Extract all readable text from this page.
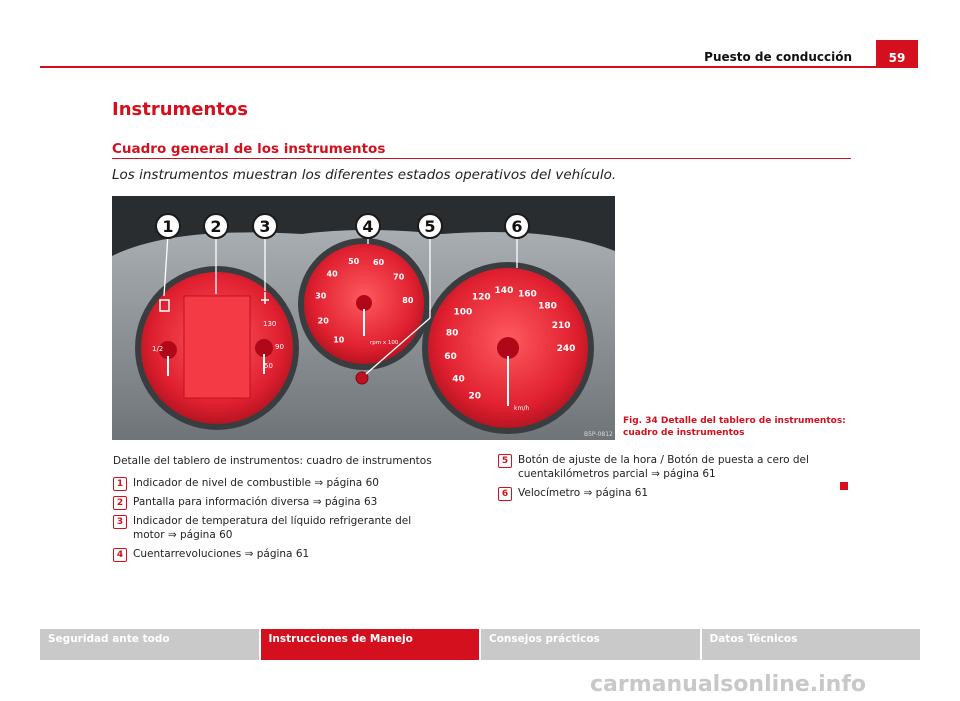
Puesto de conducción	59
Instrumentos
Cuadro general de los instrumentos
Los instrumentos muestran los diferentes estados operativos del vehículo.
1/2
130
90
50
10
20
30
40
50 60
70
80
rpm x 100
20
40
60
80
100
120
140 160
180
210
240
km/h
1 2 3	4	5	6
B5P-0812
Fig. 34 Detalle del tablero de instrumentos: cuadro de instrumentos
Detalle del tablero de instrumentos: cuadro de instrumentos
1 Indicador de nivel de combustible ⇒ página 60
2 Pantalla para información diversa ⇒ página 63
3 Indicador de temperatura del líquido refrigerante del motor ⇒ página 60
4 Cuentarrevoluciones ⇒ página 61
5 Botón de ajuste de la hora / Botón de puesta a cero del cuentakilómetros parcial ⇒ página 61
6 Velocímetro ⇒ página 61
Seguridad ante todo	Instrucciones de Manejo	Consejos prácticos	Datos Técnicos
carmanualsonline.info
